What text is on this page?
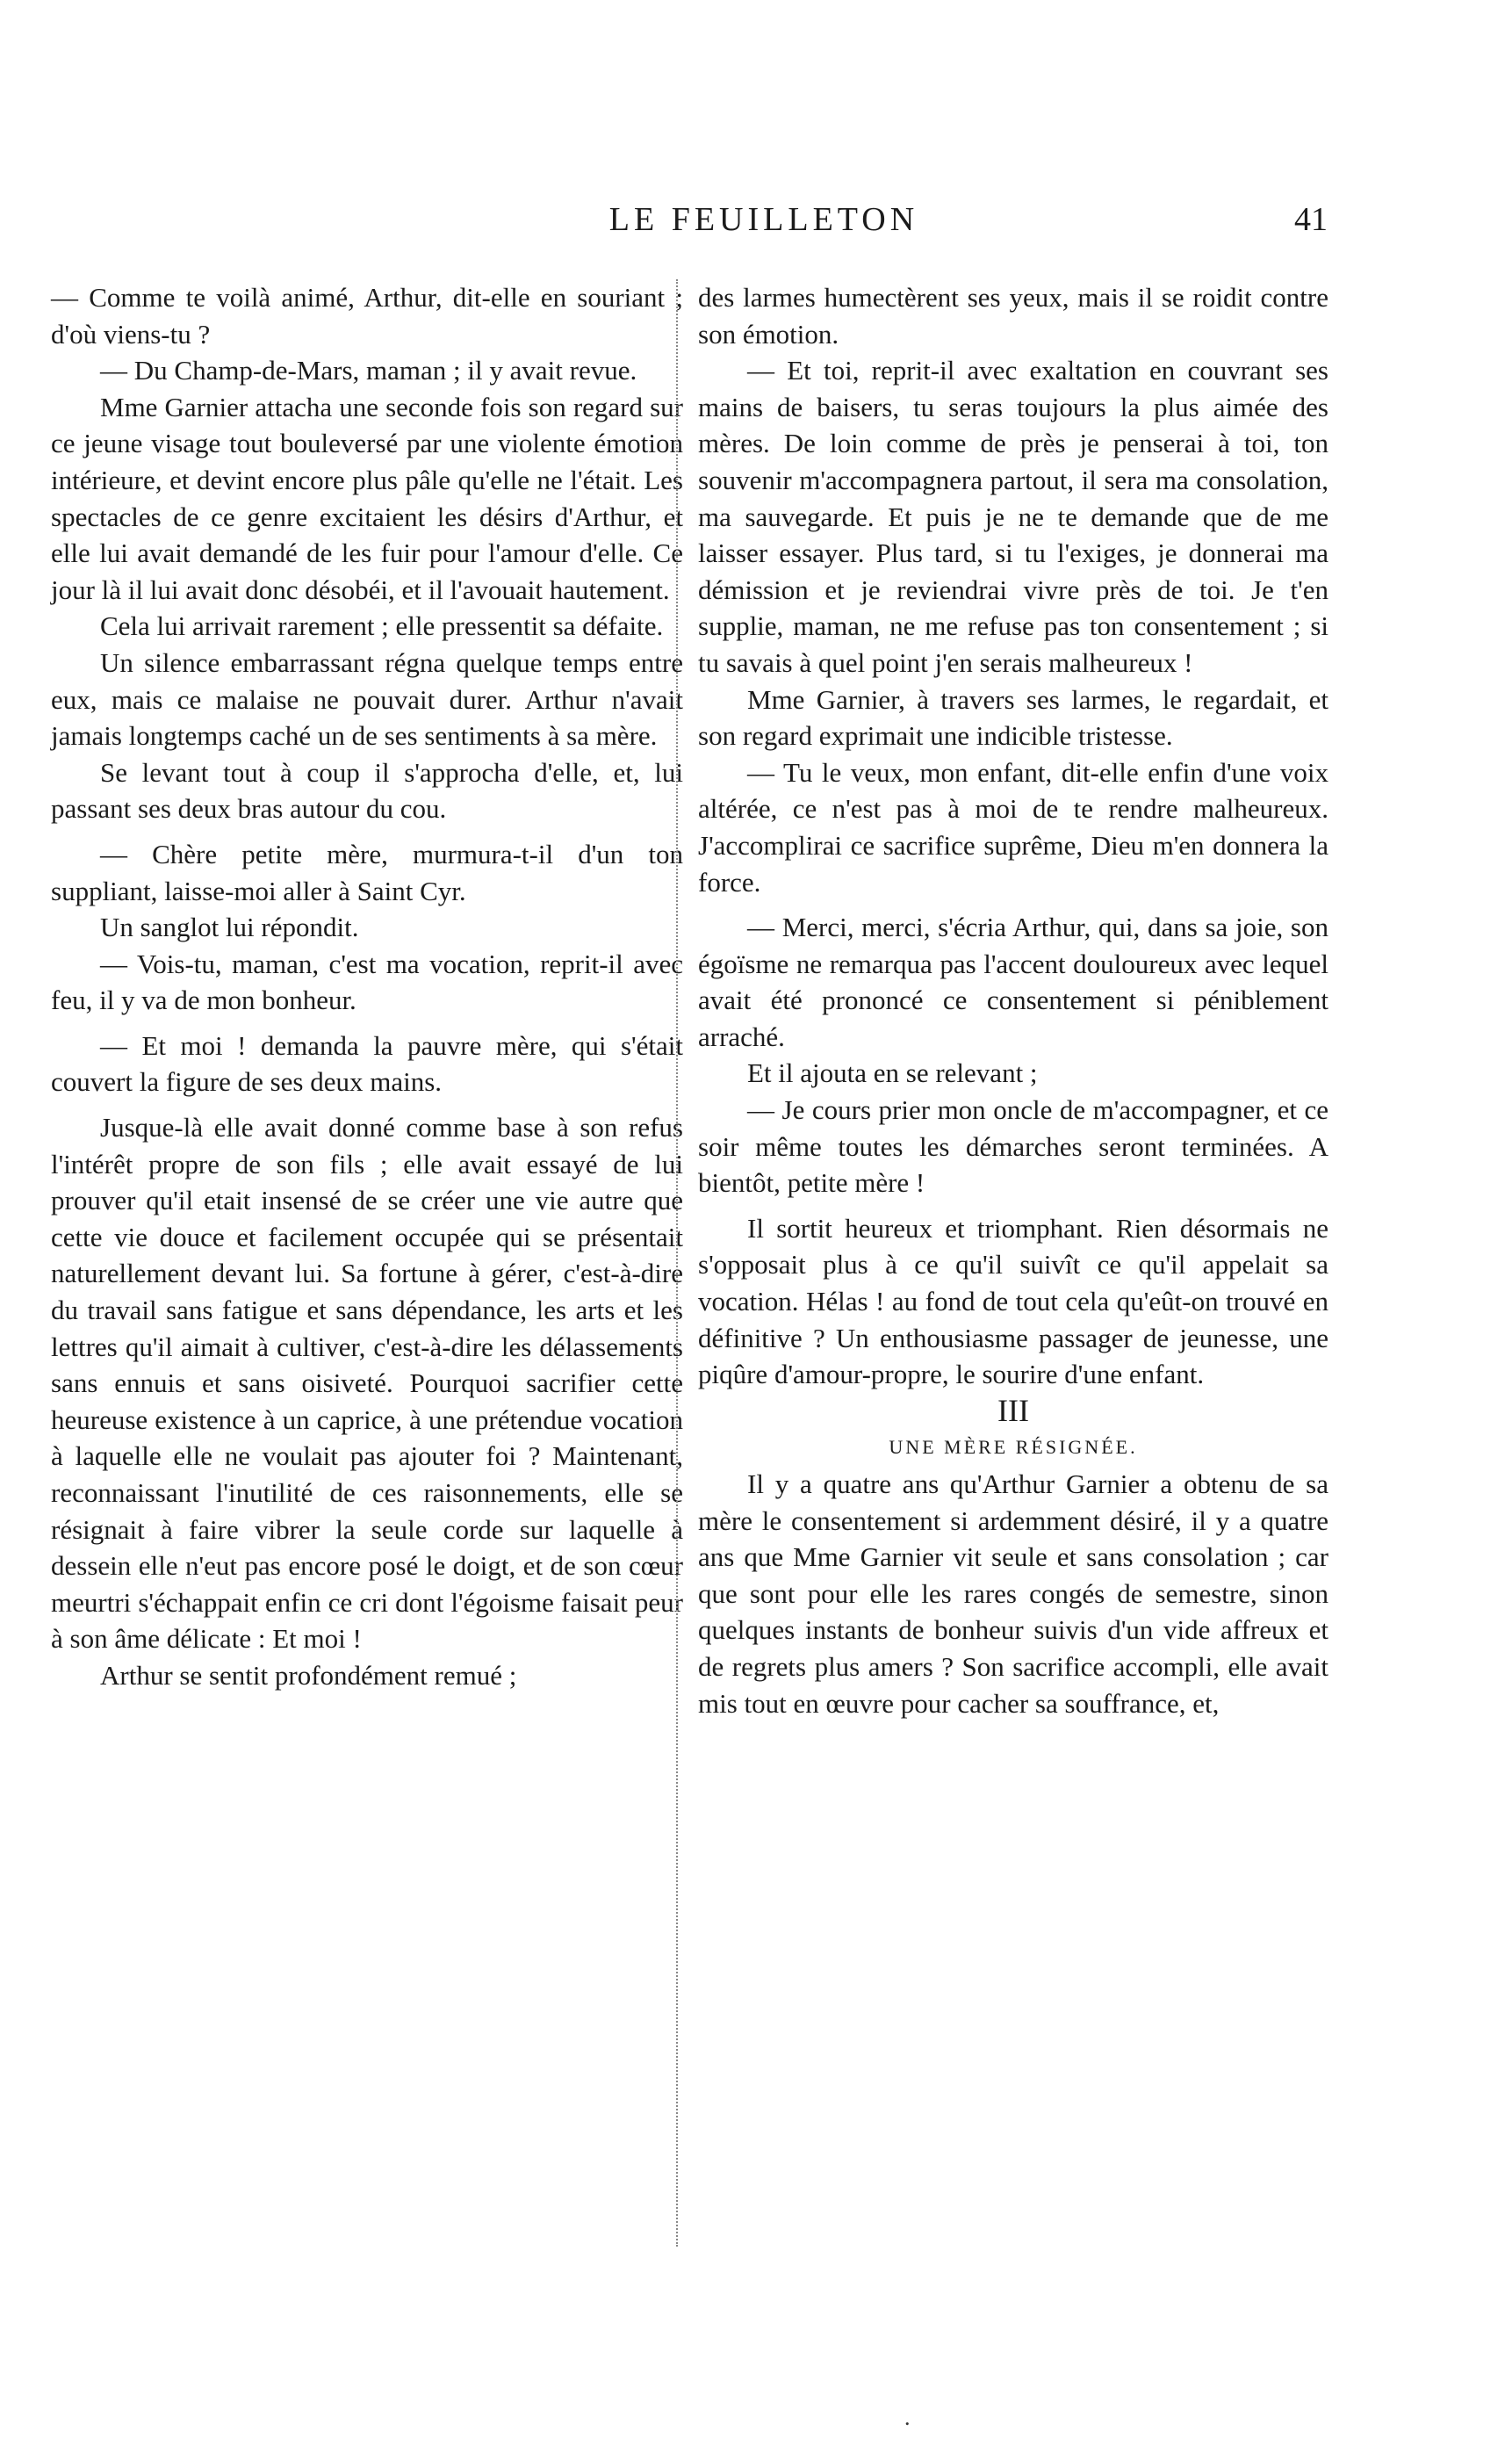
LE FEUILLETON	41

— Comme te voilà animé, Arthur, dit-elle en souriant ; d'où viens-tu ?

— Du Champ-de-Mars, maman ; il y avait revue.

Mme Garnier attacha une seconde fois son regard sur ce jeune visage tout bouleversé par une violente émotion intérieure, et devint encore plus pâle qu'elle ne l'était. Les spectacles de ce genre excitaient les désirs d'Arthur, et elle lui avait demandé de les fuir pour l'amour d'elle. Ce jour là il lui avait donc désobéi, et il l'avouait hautement.

Cela lui arrivait rarement ; elle pressentit sa défaite.

Un silence embarrassant régna quelque temps entre eux, mais ce malaise ne pouvait durer. Arthur n'avait jamais longtemps caché un de ses sentiments à sa mère.

Se levant tout à coup il s'approcha d'elle, et, lui passant ses deux bras autour du cou.

— Chère petite mère, murmura-t-il d'un ton suppliant, laisse-moi aller à Saint Cyr.

Un sanglot lui répondit.

— Vois-tu, maman, c'est ma vocation, reprit-il avec feu, il y va de mon bonheur.

— Et moi ! demanda la pauvre mère, qui s'était couvert la figure de ses deux mains.

Jusque-là elle avait donné comme base à son refus l'intérêt propre de son fils ; elle avait essayé de lui prouver qu'il etait insensé de se créer une vie autre que cette vie douce et facilement occupée qui se présentait naturellement devant lui. Sa fortune à gérer, c'est-à-dire du travail sans fatigue et sans dépendance, les arts et les lettres qu'il aimait à cultiver, c'est-à-dire les délassements sans ennuis et sans oisiveté. Pourquoi sacrifier cette heureuse existence à un caprice, à une prétendue vocation à laquelle elle ne voulait pas ajouter foi ? Maintenant, reconnaissant l'inutilité de ces raisonnements, elle se résignait à faire vibrer la seule corde sur laquelle à dessein elle n'eut pas encore posé le doigt, et de son cœur meurtri s'échappait enfin ce cri dont l'égoisme faisait peur à son âme délicate : Et moi !

Arthur se sentit profondément remué ;

des larmes humectèrent ses yeux, mais il se roidit contre son émotion.

— Et toi, reprit-il avec exaltation en couvrant ses mains de baisers, tu seras toujours la plus aimée des mères. De loin comme de près je penserai à toi, ton souvenir m'accompagnera partout, il sera ma consolation, ma sauvegarde. Et puis je ne te demande que de me laisser essayer. Plus tard, si tu l'exiges, je donnerai ma démission et je reviendrai vivre près de toi. Je t'en supplie, maman, ne me refuse pas ton consentement ; si tu savais à quel point j'en serais malheureux !

Mme Garnier, à travers ses larmes, le regardait, et son regard exprimait une indicible tristesse.

— Tu le veux, mon enfant, dit-elle enfin d'une voix altérée, ce n'est pas à moi de te rendre malheureux. J'accomplirai ce sacrifice suprême, Dieu m'en donnera la force.

— Merci, merci, s'écria Arthur, qui, dans sa joie, son égoïsme ne remarqua pas l'accent douloureux avec lequel avait été prononcé ce consentement si péniblement arraché.

Et il ajouta en se relevant ;

— Je cours prier mon oncle de m'accompagner, et ce soir même toutes les démarches seront terminées. A bientôt, petite mère !

Il sortit heureux et triomphant. Rien désormais ne s'opposait plus à ce qu'il suivît ce qu'il appelait sa vocation. Hélas ! au fond de tout cela qu'eût-on trouvé en définitive ? Un enthousiasme passager de jeunesse, une piqûre d'amour-propre, le sourire d'une enfant.

III

UNE MÈRE RÉSIGNÉE.

Il y a quatre ans qu'Arthur Garnier a obtenu de sa mère le consentement si ardemment désiré, il y a quatre ans que Mme Garnier vit seule et sans consolation ; car que sont pour elle les rares congés de semestre, sinon quelques instants de bonheur suivis d'un vide affreux et de regrets plus amers ? Son sacrifice accompli, elle avait mis tout en œuvre pour cacher sa souffrance, et,

.
